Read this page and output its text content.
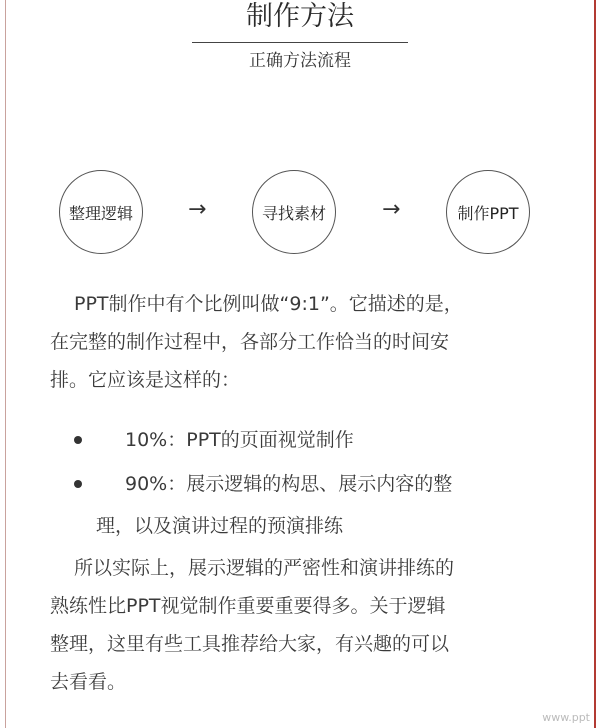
制作方法
正确方法流程
整理逻辑	→	寻找素材	→	制作PPT
PPT制作中有个比例叫做“9:1”。它描述的是，
在完整的制作过程中，各部分工作恰当的时间安
排。它应该是这样的：
10%：PPT的页面视觉制作
90%：展示逻辑的构思、展示内容的整
理，以及演讲过程的预演排练
所以实际上，展示逻辑的严密性和演讲排练的
熟练性比PPT视觉制作重要重要得多。关于逻辑
整理，这里有些工具推荐给大家，有兴趣的可以
去看看。
www.ppt
